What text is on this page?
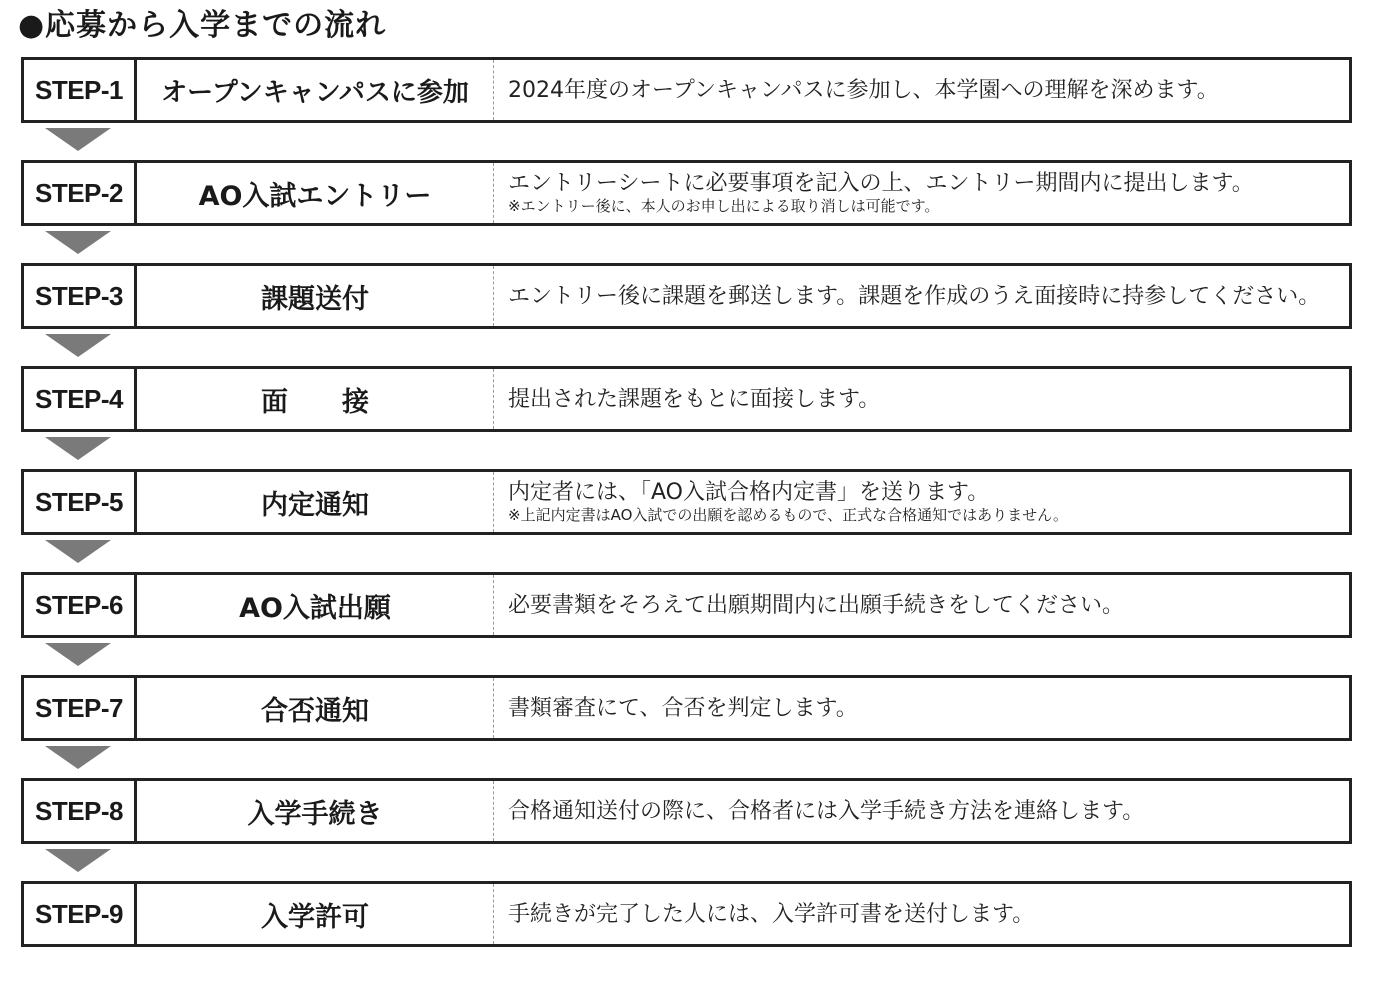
●応募から入学までの流れ
STEP-1	オープンキャンパスに参加	2024年度のオープンキャンパスに参加し、本学園への理解を深めます。
STEP-2	AO入試エントリー	エントリーシートに必要事項を記入の上、エントリー期間内に提出します。
※エントリー後に、本人のお申し出による取り消しは可能です。
STEP-3	課題送付	エントリー後に課題を郵送します。課題を作成のうえ面接時に持参してください。
STEP-4	面　　接	提出された課題をもとに面接します。
STEP-5	内定通知	内定者には、「AO入試合格内定書」を送ります。
※上記内定書はAO入試での出願を認めるもので、正式な合格通知ではありません。
STEP-6	AO入試出願	必要書類をそろえて出願期間内に出願手続きをしてください。
STEP-7	合否通知	書類審査にて、合否を判定します。
STEP-8	入学手続き	合格通知送付の際に、合格者には入学手続き方法を連絡します。
STEP-9	入学許可	手続きが完了した人には、入学許可書を送付します。
